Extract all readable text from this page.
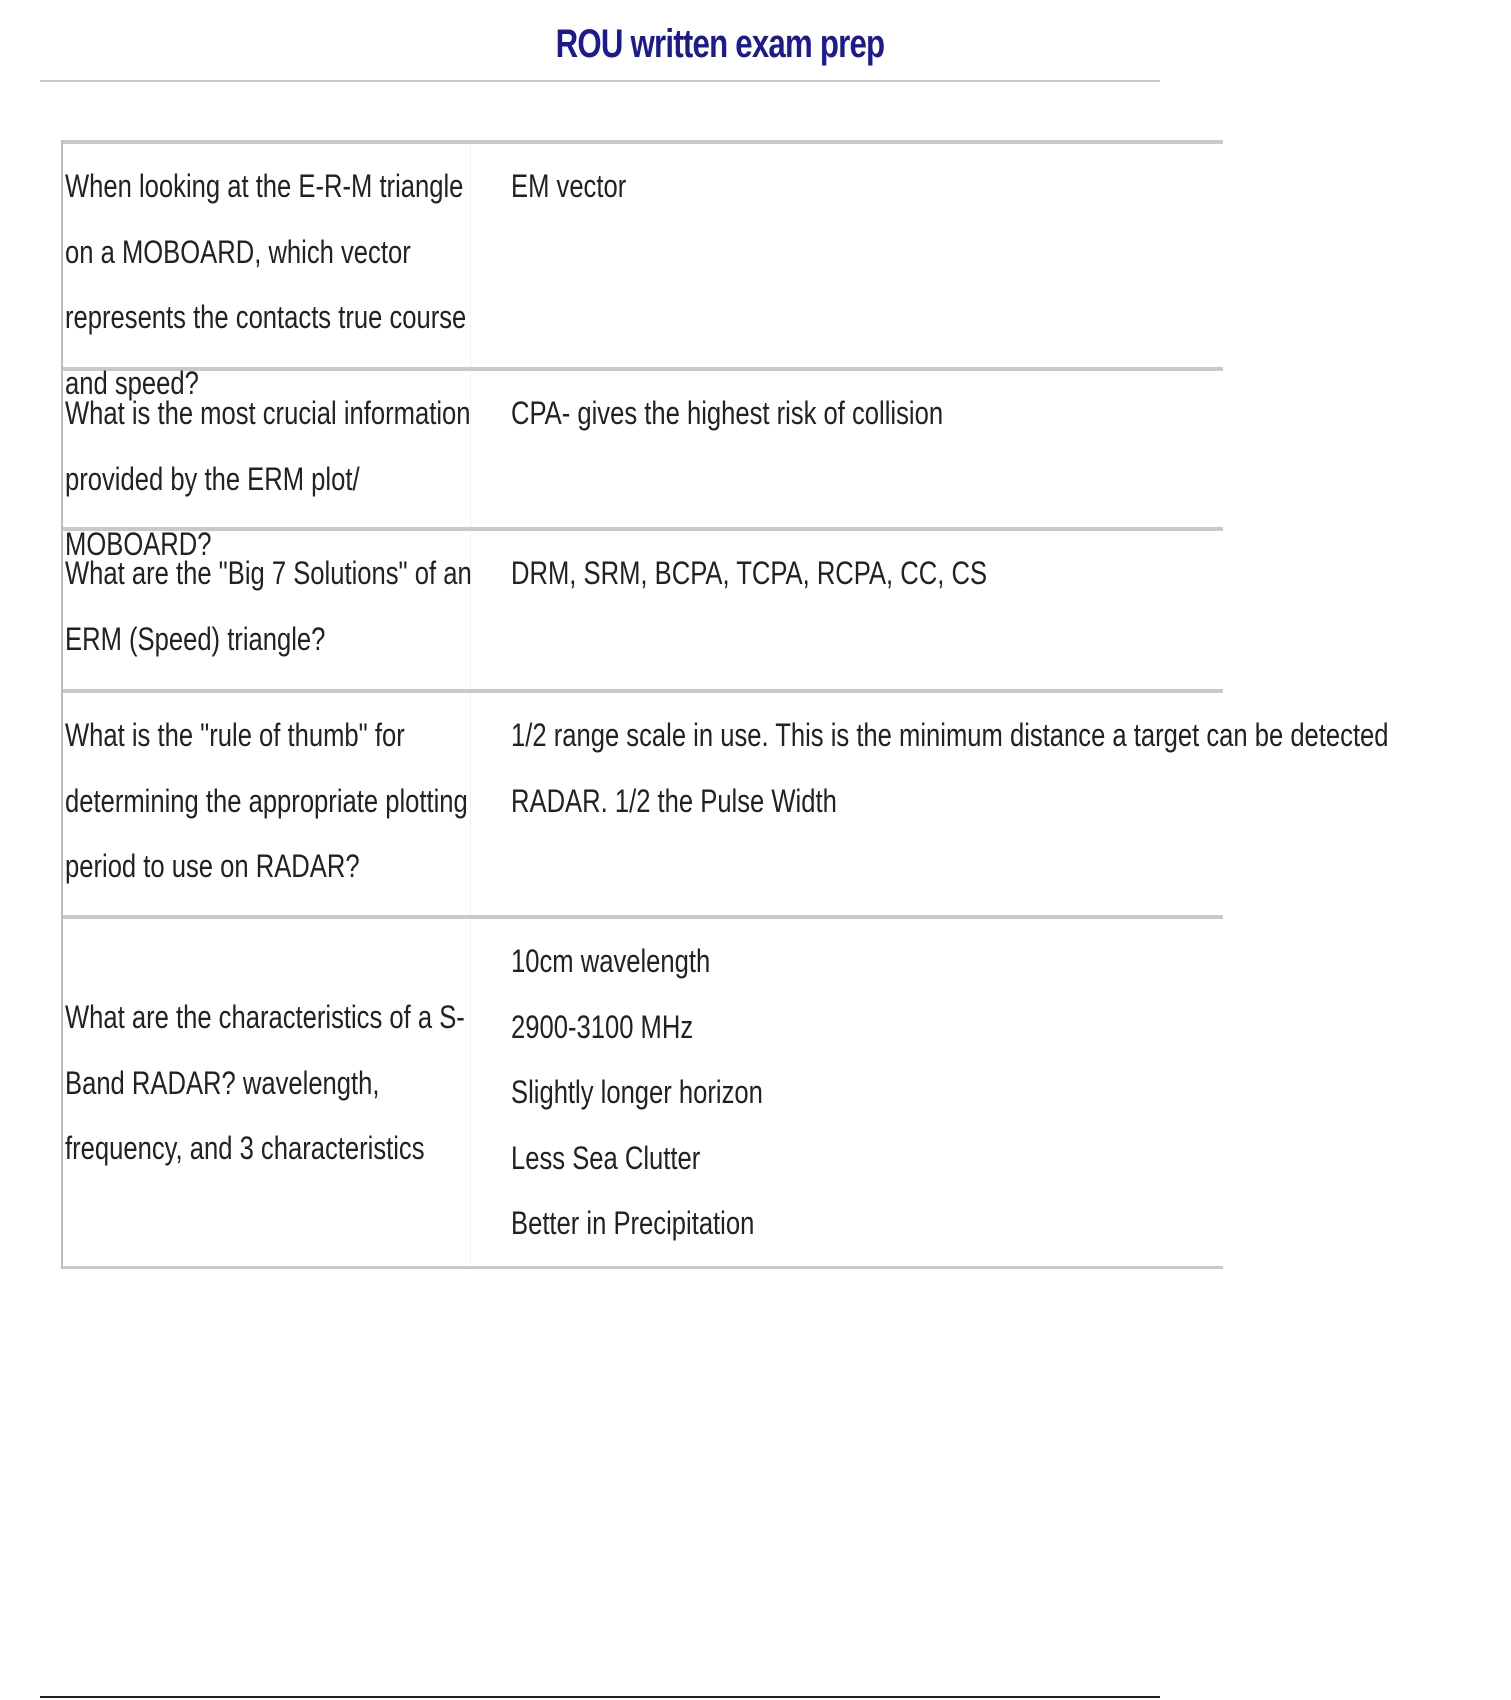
ROU written exam prep
When looking at the E-R-M triangle on a MOBOARD, which vector represents the contacts true course and speed?
EM vector
What is the most crucial information provided by the ERM plot/ MOBOARD?
CPA- gives the highest risk of collision
What are the "Big 7 Solutions" of an ERM (Speed) triangle?
DRM, SRM, BCPA, TCPA, RCPA, CC, CS
What is the "rule of thumb" for determining the appropriate plotting period to use on RADAR?
1/2 range scale in use. This is the minimum distance a target can be detected
RADAR. 1/2 the Pulse Width
What are the characteristics of a S-Band RADAR? wavelength, frequency, and 3 characteristics
10cm wavelength
2900-3100 MHz
Slightly longer horizon
Less Sea Clutter
Better in Precipitation
